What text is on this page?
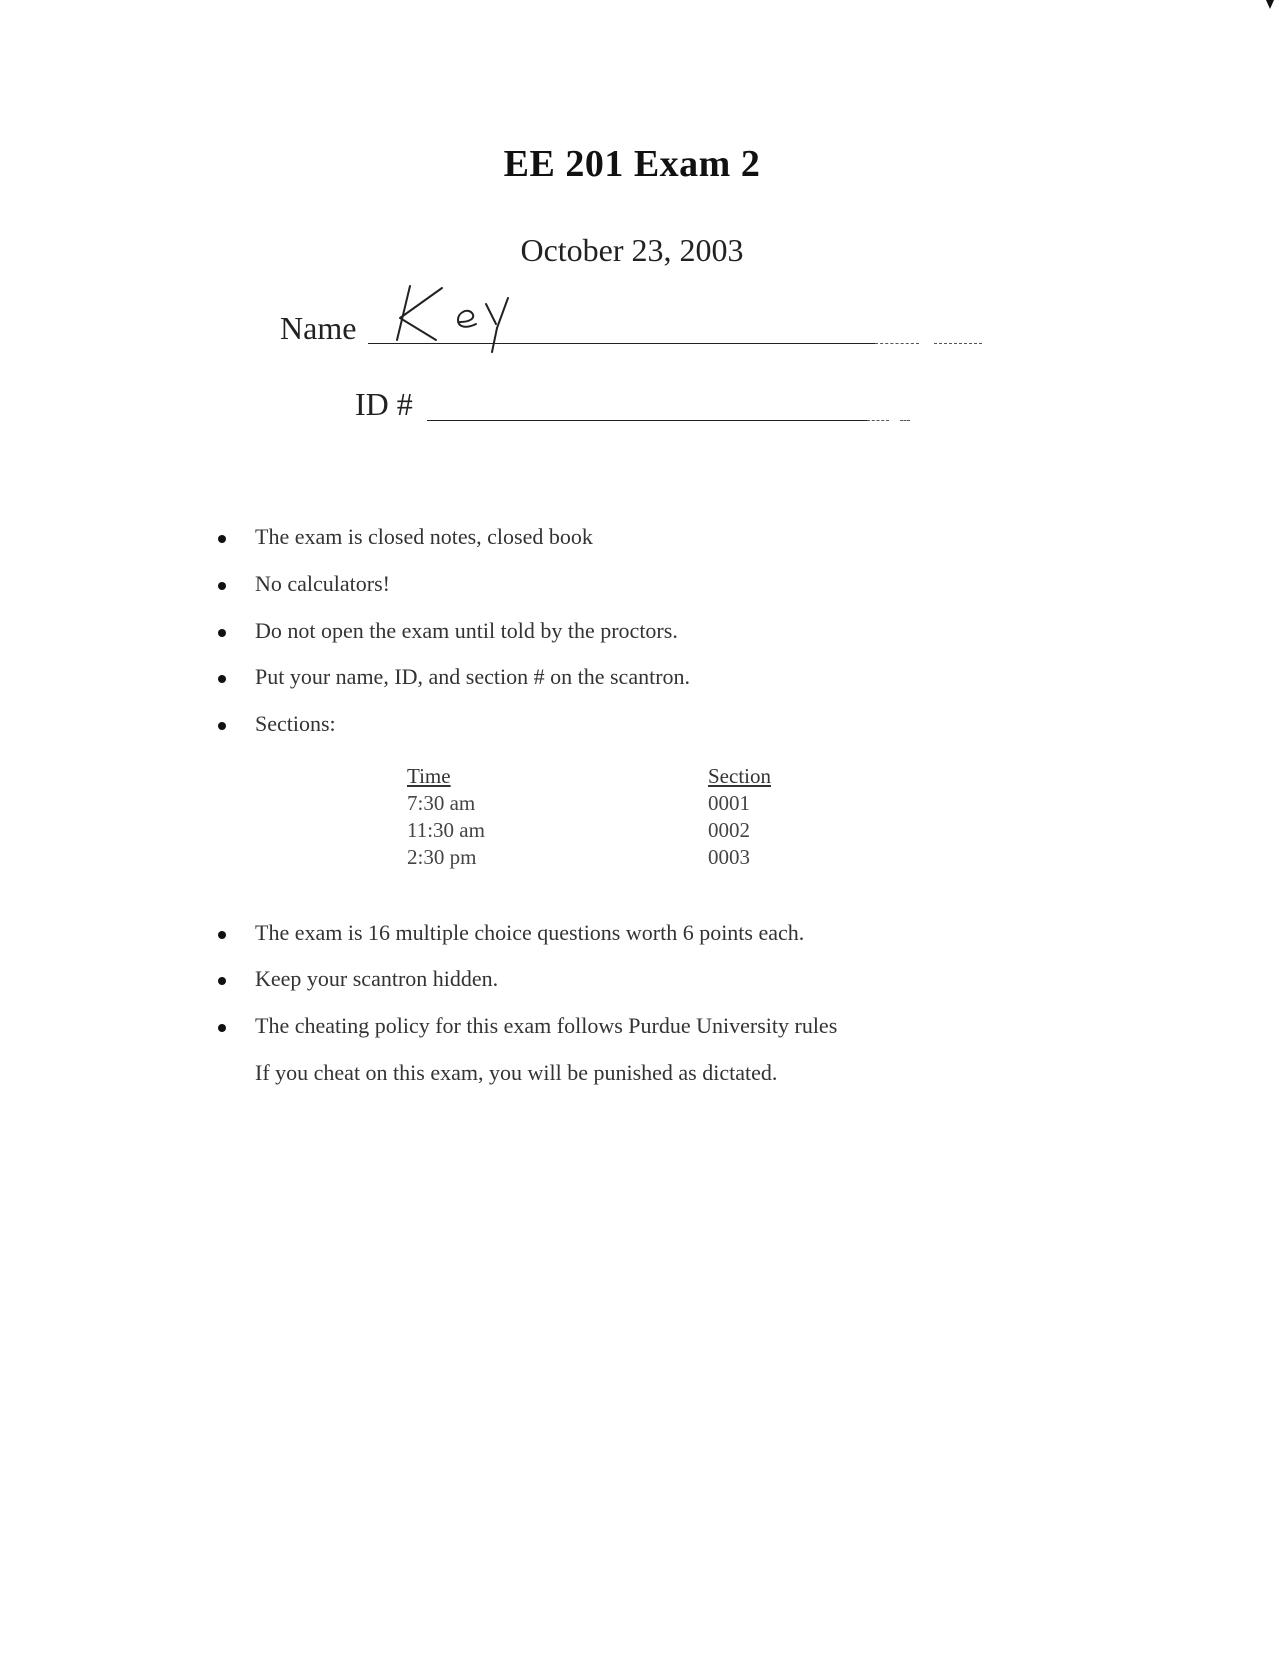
EE 201 Exam 2
October 23, 2003
Name
ID #
The exam is closed notes, closed book
No calculators!
Do not open the exam until told by the proctors.
Put your name, ID, and section # on the scantron.
Sections:
Time	Section
7:30 am	0001
11:30 am	0002
2:30 pm	0003
The exam is 16 multiple choice questions worth 6 points each.
Keep your scantron hidden.
The cheating policy for this exam follows Purdue University rules
If you cheat on this exam, you will be punished as dictated.
